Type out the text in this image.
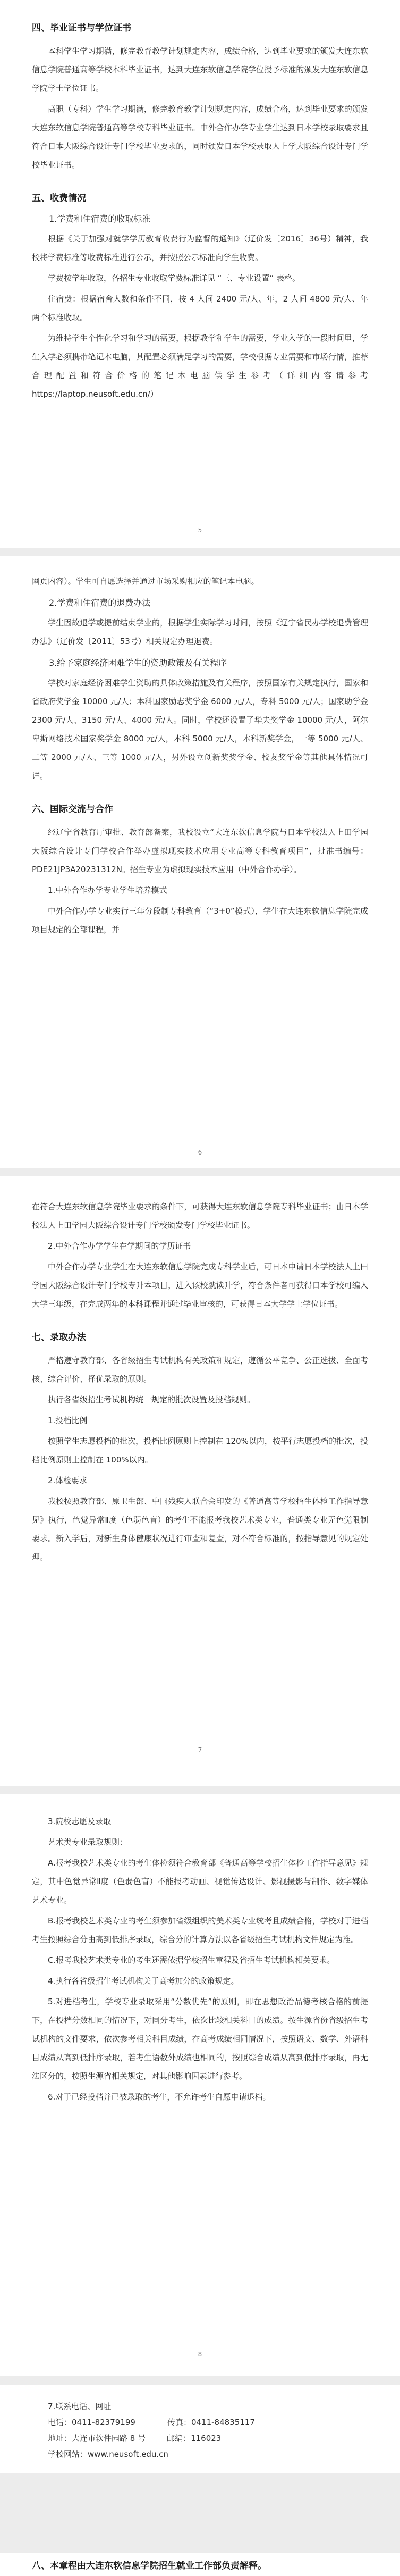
四、毕业证书与学位证书

本科学生学习期满，修完教育教学计划规定内容，成绩合格，达到毕业要求的颁发大连东软信息学院普通高等学校本科毕业证书，达到大连东软信息学院学位授予标准的颁发大连东软信息学院学士学位证书。

高职（专科）学生学习期满，修完教育教学计划规定内容，成绩合格，达到毕业要求的颁发大连东软信息学院普通高等学校专科毕业证书。中外合作办学专业学生达到日本学校录取要求且符合日本大阪综合设计专门学校毕业要求的，同时颁发日本学校录取人上学大阪综合设计专门学校毕业证书。

五、收费情况

1.学费和住宿费的收取标准

根据《关于加强对就学学历教育收费行为监督的通知》（辽价发〔2016〕36号）精神，我校将学费标准等收费标准进行公示，并按照公示标准向学生收费。

学费按学年收取，各招生专业收取学费标准详见 “三、专业设置” 表格。

住宿费：根据宿舍人数和条件不同，按 4 人间 2400 元/人、年，2 人间 4800 元/人、年两个标准收取。

为维持学生个性化学习和学习的需要，根据教学和学生的需要，学业入学的一段时间里，学生入学必须携带笔记本电脑，其配置必须满足学习的需要，学校根据专业需要和市场行情，推荐合理配置和符合价格的笔记本电脑供学生参考（详细内容请参考https://laptop.neusoft.edu.cn/）

5

网页内容）。学生可自愿选择并通过市场采购相应的笔记本电脑。

2.学费和住宿费的退费办法

学生因故退学或提前结束学业的，根据学生实际学习时间，按照《辽宁省民办学校退费管理办法》（辽价发〔2011〕53号）相关规定办理退费。

3.给予家庭经济困难学生的资助政策及有关程序

学校对家庭经济困难学生资助的具体政策措施及有关程序，按照国家有关规定执行，国家和省政府奖学金 10000 元/人；本科国家励志奖学金 6000 元/人，专科 5000 元/人；国家助学金 2300 元/人、3150 元/人、4000 元/人。同时，学校还设置了华夫奖学金 10000 元/人，阿尔卑斯网络技术国家奖学金 8000 元/人，本科 5000 元/人，本科新奖学金，一等 5000 元/人、二等 2000 元/人、三等 1000 元/人，另外设立创新奖奖学金、校友奖学金等其他具体情况可详。

六、国际交流与合作

经辽宁省教育厅审批、教育部备案，我校设立“大连东软信息学院与日本学校法人上田学园大阪综合设计专门学校合作举办虚拟现实技术应用专业高等专科教育项目”，批准书编号：PDE21JP3A20231312N。招生专业为虚拟现实技术应用（中外合作办学）。

1.中外合作办学专业学生培养模式

中外合作办学专业实行三年分段制专科教育（“3+0”模式），学生在大连东软信息学院完成项目规定的全部课程，并

6

在符合大连东软信息学院毕业要求的条件下，可获得大连东软信息学院专科毕业证书；由日本学校法人上田学园大阪综合设计专门学校颁发专门学校毕业证书。

2.中外合作办学学生在学期间的学历证书

中外合作办学专业学生在大连东软信息学院完成专科学业后，可日本申请日本学校法人上田学园大阪综合设计专门学校专升本项目，进入该校就读升学，符合条件者可获得日本学校可编入大学三年级，在完成两年的本科课程并通过毕业审核的，可获得日本大学学士学位证书。

七、录取办法

严格遵守教育部、各省级招生考试机构有关政策和规定，遵循公平竞争、公正选拔、全面考核、综合评价、择优录取的原则。

执行各省级招生考试机构统一规定的批次设置及投档规则。

1.投档比例

按照学生志愿投档的批次，投档比例原则上控制在 120%以内，按平行志愿投档的批次，投档比例原则上控制在 100%以内。

2.体检要求

我校按照教育部、原卫生部、中国残疾人联合会印发的《普通高等学校招生体检工作指导意见》执行，色觉异常Ⅱ度（色弱色盲）的考生不能报考我校艺术类专业，普通类专业无色觉限制要求。新入学后，对新生身体健康状况进行审查和复查，对不符合标准的，按指导意见的规定处理。

7

3.院校志愿及录取

艺术类专业录取规则：

A.报考我校艺术类专业的考生体检须符合教育部《普通高等学校招生体检工作指导意见》规定，其中色觉异常Ⅱ度（色弱色盲）不能报考动画、视觉传达设计、影视摄影与制作、数字媒体艺术专业。

B.报考我校艺术类专业的考生须参加省级组织的美术类专业统考且成绩合格，学校对于进档考生按照综合分由高到低排序录取，综合分的计算方法以各省级招生考试机构文件规定为准。

C.报考我校艺术类专业的考生还需依据学校招生章程及省招生考试机构相关要求。

4.执行各省级招生考试机构关于高考加分的政策规定。

5.对进档考生，学校专业录取采用“分数优先”的原则，即在思想政治品德考核合格的前提下，在投档分数相同的情况下，对同分考生，依次比较相关科目的成绩。按生源省份省级招生考试机构的文件要求，依次参考相关科目成绩，在高考成绩相同情况下，按照语文、数学、外语科目成绩从高到低排序录取，若考生语数外成绩也相同的，按照综合成绩从高到低排序录取，再无法区分的，按照生源省相关规定，对其他影响因素进行参考。

6.对于已经投档并已被录取的考生，不允许考生自愿申请退档。

8

7.联系电话、网址

电话：0411-82379199	传真：0411-84835117

地址：大连市软件园路 8 号	邮编：116023

学校网站：www.neusoft.edu.cn

八、本章程由大连东软信息学院招生就业工作部负责解释。
